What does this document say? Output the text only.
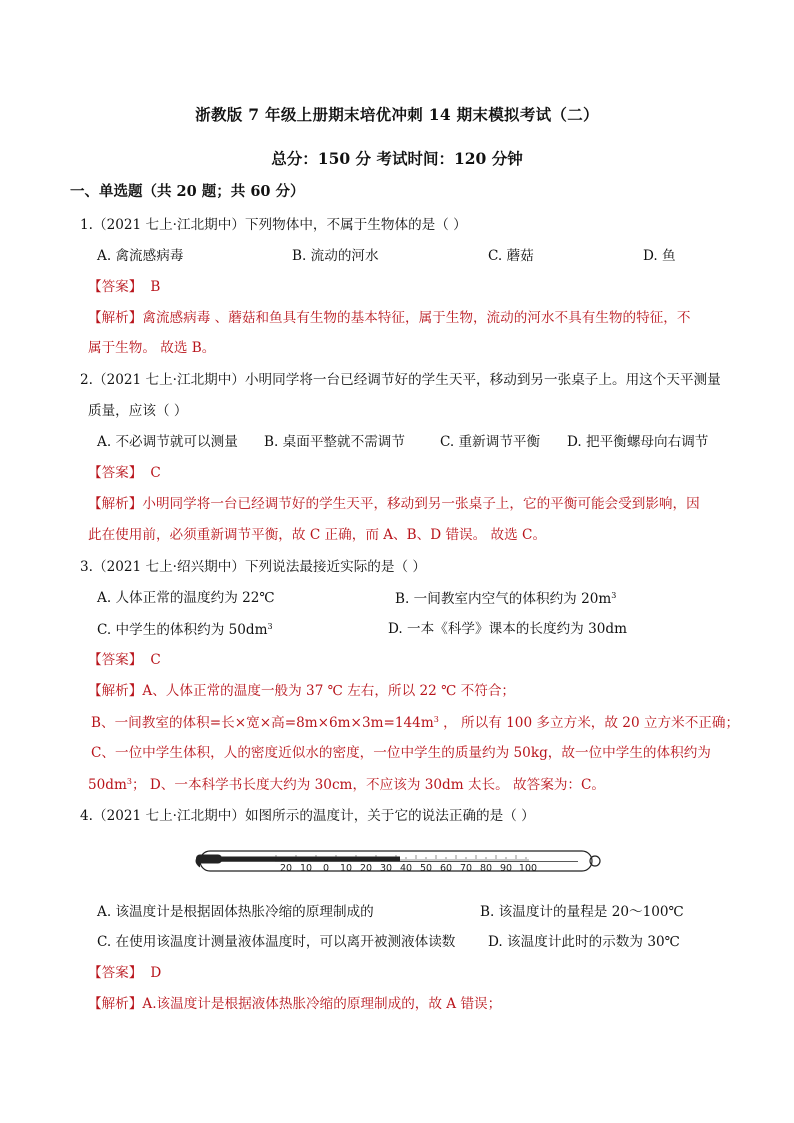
浙教版 7 年级上册期末培优冲刺 14 期末模拟考试（二）
总分：150 分 考试时间：120 分钟
一、单选题（共 20 题；共 60 分）
1.（2021 七上·江北期中）下列物体中，不属于生物体的是（ ）
A. 禽流感病毒	B. 流动的河水	C. 蘑菇	D. 鱼
【答案】 B
【解析】禽流感病毒 、蘑菇和鱼具有生物的基本特征，属于生物，流动的河水不具有生物的特征，不
属于生物。 故选 B。
2.（2021 七上·江北期中）小明同学将一台已经调节好的学生天平，移动到另一张桌子上。用这个天平测量
质量，应该（ ）
A. 不必调节就可以测量 B. 桌面平整就不需调节	C. 重新调节平衡 D. 把平衡螺母向右调节
【答案】 C
【解析】小明同学将一台已经调节好的学生天平，移动到另一张桌子上，它的平衡可能会受到影响，因
此在使用前，必须重新调节平衡，故 C 正确，而 A、B、D 错误。 故选 C。
3.（2021 七上·绍兴期中）下列说法最接近实际的是（ ）
A. 人体正常的温度约为 22℃	B. 一间教室内空气的体积约为 $20m^3$
C. 中学生的体积约为 $50dm^3$	D. 一本《科学》课本的长度约为 30dm
【答案】 C
【解析】A、人体正常的温度一般为 37 ℃ 左右，所以 22 ℃ 不符合；
B、一间教室的体积=长×宽×高$=8m\times 6m\times 3m=144m^3$ ， 所以有 100 多立方米，故 20 立方米不正确；
C、一位中学生体积，人的密度近似水的密度，一位中学生的质量约为 50kg，故一位中学生的体积约为
$50dm^3$； D、一本科学书长度大约为 30cm，不应该为 30dm 太长。 故答案为：C。
4.（2021 七上·江北期中）如图所示的温度计，关于它的说法正确的是（ ）
20 10 0 10 20 30 40 50 60 70 80 90 100
A. 该温度计是根据固体热胀冷缩的原理制成的	B. 该温度计的量程是 20～100℃
C. 在使用该温度计测量液体温度时，可以离开被测液体读数 D. 该温度计此时的示数为 30℃
【答案】 D
【解析】A.该温度计是根据液体热胀冷缩的原理制成的，故 A 错误；
